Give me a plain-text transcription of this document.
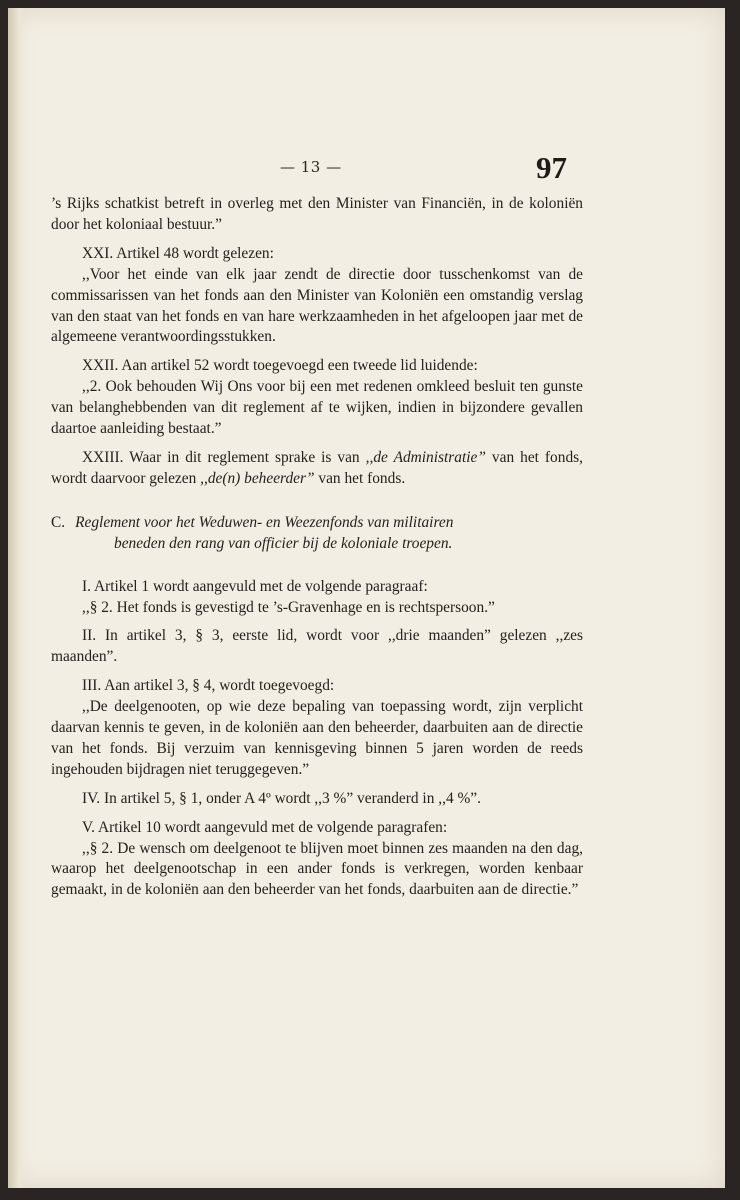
— 13 —	97

’s Rijks schatkist betreft in overleg met den Minister van Financiën, in de koloniën door het koloniaal bestuur.”

XXI. Artikel 48 wordt gelezen:

,,Voor het einde van elk jaar zendt de directie door tusschenkomst van de commissarissen van het fonds aan den Minister van Koloniën een omstandig verslag van den staat van het fonds en van hare werkzaamheden in het afgeloopen jaar met de algemeene verantwoordingsstukken.

XXII. Aan artikel 52 wordt toegevoegd een tweede lid luidende:

,,2. Ook behouden Wij Ons voor bij een met redenen omkleed besluit ten gunste van belanghebbenden van dit reglement af te wijken, indien in bijzondere gevallen daartoe aanleiding bestaat.”

XXIII. Waar in dit reglement sprake is van ,,de Administratie” van het fonds, wordt daarvoor gelezen ,,de(n) beheerder” van het fonds.

C. Reglement voor het Weduwen- en Weezenfonds van militairen
beneden den rang van officier bij de koloniale troepen.

I. Artikel 1 wordt aangevuld met de volgende paragraaf:

,,§ 2. Het fonds is gevestigd te ’s-Gravenhage en is rechtspersoon.”

II. In artikel 3, § 3, eerste lid, wordt voor ,,drie maanden” gelezen ,,zes maanden”.

III. Aan artikel 3, § 4, wordt toegevoegd:

,,De deelgenooten, op wie deze bepaling van toepassing wordt, zijn verplicht daarvan kennis te geven, in de koloniën aan den beheerder, daarbuiten aan de directie van het fonds. Bij verzuim van kennisgeving binnen 5 jaren worden de reeds ingehouden bijdragen niet teruggegeven.”

IV. In artikel 5, § 1, onder A 4º wordt ,,3 %” veranderd in ,,4 %”.

V. Artikel 10 wordt aangevuld met de volgende paragrafen:

,,§ 2. De wensch om deelgenoot te blijven moet binnen zes maanden na den dag, waarop het deelgenootschap in een ander fonds is verkregen, worden kenbaar gemaakt, in de koloniën aan den beheerder van het fonds, daarbuiten aan de directie.”
